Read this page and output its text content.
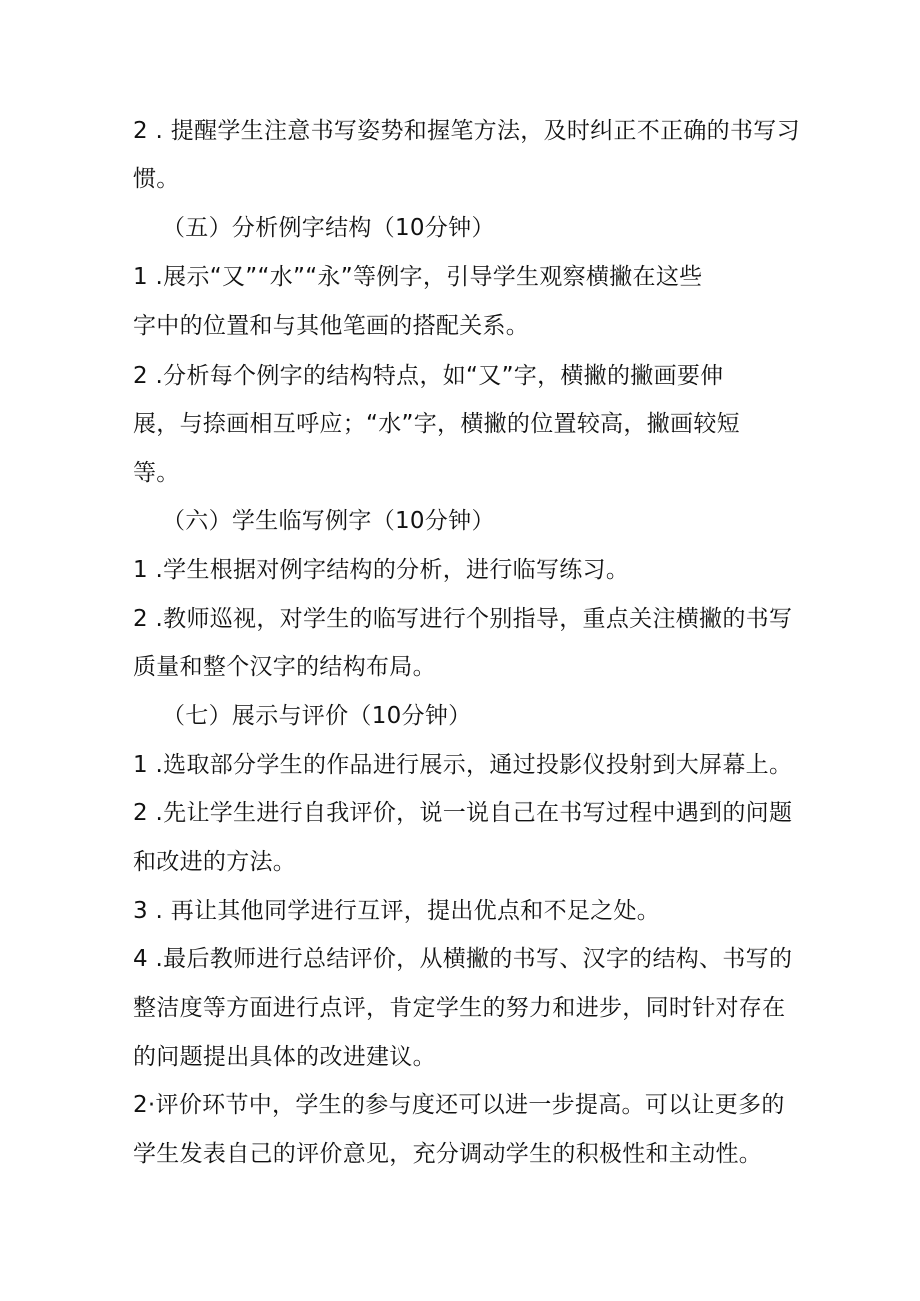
2 . 提醒学生注意书写姿势和握笔方法，及时纠正不正确的书写习
惯。
（五）分析例字结构（10分钟）
1 .展示“又”“水”“永”等例字，引导学生观察横撇在这些
字中的位置和与其他笔画的搭配关系。
2 .分析每个例字的结构特点，如“又”字，横撇的撇画要伸
展，与捺画相互呼应；“水”字，横撇的位置较高，撇画较短
等。
（六）学生临写例字（10分钟）
1 .学生根据对例字结构的分析，进行临写练习。
2 .教师巡视，对学生的临写进行个别指导，重点关注横撇的书写
质量和整个汉字的结构布局。
（七）展示与评价（10分钟）
1 .选取部分学生的作品进行展示，通过投影仪投射到大屏幕上。
2 .先让学生进行自我评价，说一说自己在书写过程中遇到的问题
和改进的方法。
3 . 再让其他同学进行互评，提出优点和不足之处。
4 .最后教师进行总结评价，从横撇的书写、汉字的结构、书写的
整洁度等方面进行点评，肯定学生的努力和进步，同时针对存在
的问题提出具体的改进建议。
2·评价环节中，学生的参与度还可以进一步提高。可以让更多的
学生发表自己的评价意见，充分调动学生的积极性和主动性。
